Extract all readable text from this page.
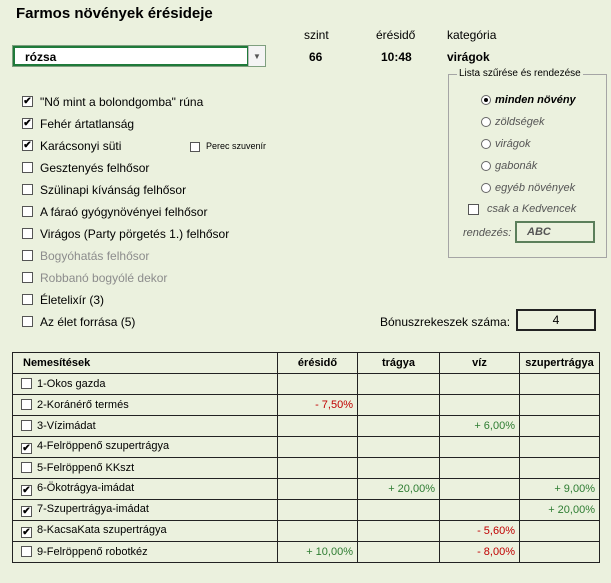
Farmos növények érésideje
szint	érésidő	kategória
66	10:48	virágok
rózsa	▼
✔ "Nő mint a bolondgomba" rúna
✔ Fehér ártatlanság
✔ Karácsonyi süti
Gesztenyés felhősor
Szülinapi kívánság felhősor
A fáraó gyógynövényei felhősor
Virágos (Party pörgetés 1.) felhősor
Bogyóhatás felhősor
Robbanó bogyólé dekor
Életelixír (3)
Az élet forrása (5)
Perec szuvenír
Lista szűrése és rendezése
minden növény
zöldségek
virágok
gabonák
egyéb növények
csak a Kedvencek
rendezés: ABC
Bónuszrekeszek száma:	4
Nemesítések	érésidő	trágya	víz	szupertrágya
1-Okos gazda				
2-Koránérő termés	- 7,50%			
3-Vízimádat			+ 6,00%	
✔ 4-Felröppenő szupertrágya				
5-Felröppenő KKszt				
✔ 6-Ökotrágya-imádat		+ 20,00%		+ 9,00%
✔ 7-Szupertrágya-imádat				+ 20,00%
✔ 8-KacsaKata szupertrágya			- 5,60%	
9-Felröppenő robotkéz	+ 10,00%		- 8,00%	
